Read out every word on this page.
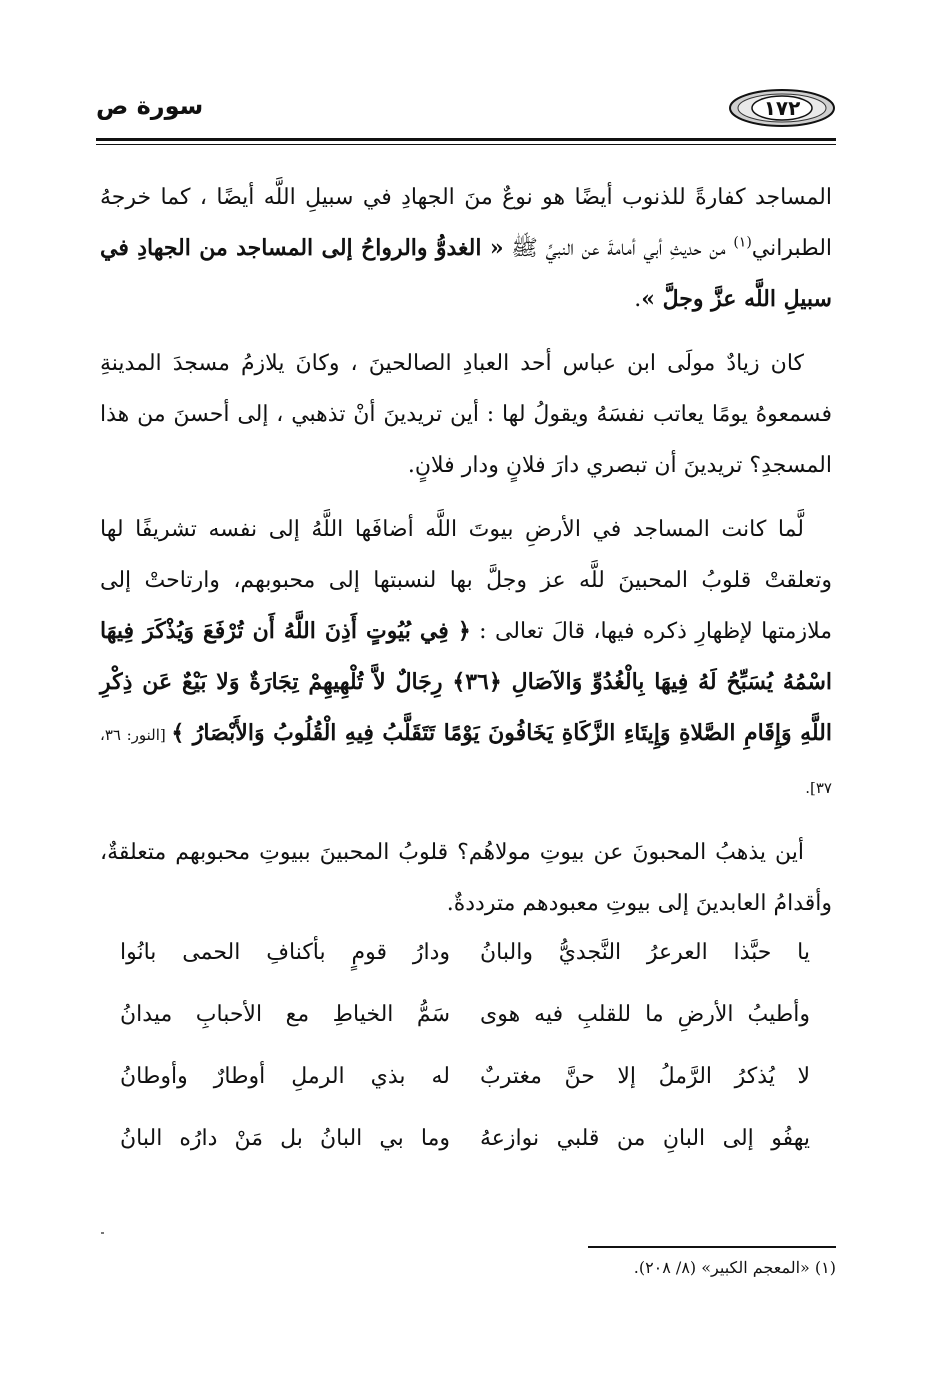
سورة ص	١٧٢

المساجد كفارةً للذنوب أيضًا هو نوعٌ منَ الجهادِ في سبيلِ اللَّه أيضًا ، كما خرجهُ الطبراني$^{(١)}$ من حديثِ أبي أمامةَ عن النبيِّ ﷺ « الغدوُّ والرواحُ إلى المساجد من الجهادِ في سبيلِ اللَّه عزَّ وجلَّ ».

كان زيادٌ مولَى ابن عباس أحد العبادِ الصالحينَ ، وكانَ يلازمُ مسجدَ المدينةِ فسمعوهُ يومًا يعاتب نفسَهُ ويقولُ لها : أين تريدينَ أنْ تذهبي ، إلى أحسنَ من هذا المسجدِ؟ تريدينَ أن تبصري دارَ فلانٍ ودار فلانٍ.

لَّما كانت المساجد في الأرضِ بيوتَ اللَّه أضافَها اللَّهُ إلى نفسه تشريفًا لها وتعلقتْ قلوبُ المحبينَ للَّه عز وجلَّ بها لنسبتها إلى محبوبهم، وارتاحتْ إلى ملازمتها لإظهارِ ذكره فيها، قالَ تعالى : ﴿ فِي بُيُوتٍ أَذِنَ اللَّهُ أَن تُرْفَعَ وَيُذْكَرَ فِيهَا اسْمُهُ يُسَبِّحُ لَهُ فِيهَا بِالْغُدُوِّ وَالآصَالِ ﴿٣٦﴾ رِجَالٌ لاَّ تُلْهِيهِمْ تِجَارَةٌ وَلا بَيْعٌ عَن ذِكْرِ اللَّهِ وَإِقَامِ الصَّلاةِ وَإِيتَاءِ الزَّكَاةِ يَخَافُونَ يَوْمًا تَتَقَلَّبُ فِيهِ الْقُلُوبُ وَالأَبْصَارُ ﴾ [النور: ٣٦، ٣٧].

أين يذهبُ المحبونَ عن بيوتِ مولاهُم؟ قلوبُ المحبينَ ببيوتِ محبوبهم متعلقةٌ، وأقدامُ العابدينَ إلى بيوتِ معبودهم مترددةٌ.

يا حبَّذا العرعرُ النَّجديُّ والبانُ
ودارُ قومٍ بأكنافِ الحمى بانُوا
وأطيبُ الأرضِ ما للقلبِ فيه هوى
سَمُّ الخياطِ مع الأحبابِ ميدانُ
لا يُذكرُ الرَّملُ إلا حنَّ مغتربٌ
له بذي الرملِ أوطارٌ وأوطانُ
يهفُو إلى البانِ من قلبي نوازعهُ
وما بي البانُ بل مَنْ دارُه البانُ
(١) «المعجم الكبير» (٨/ ٢٠٨).
